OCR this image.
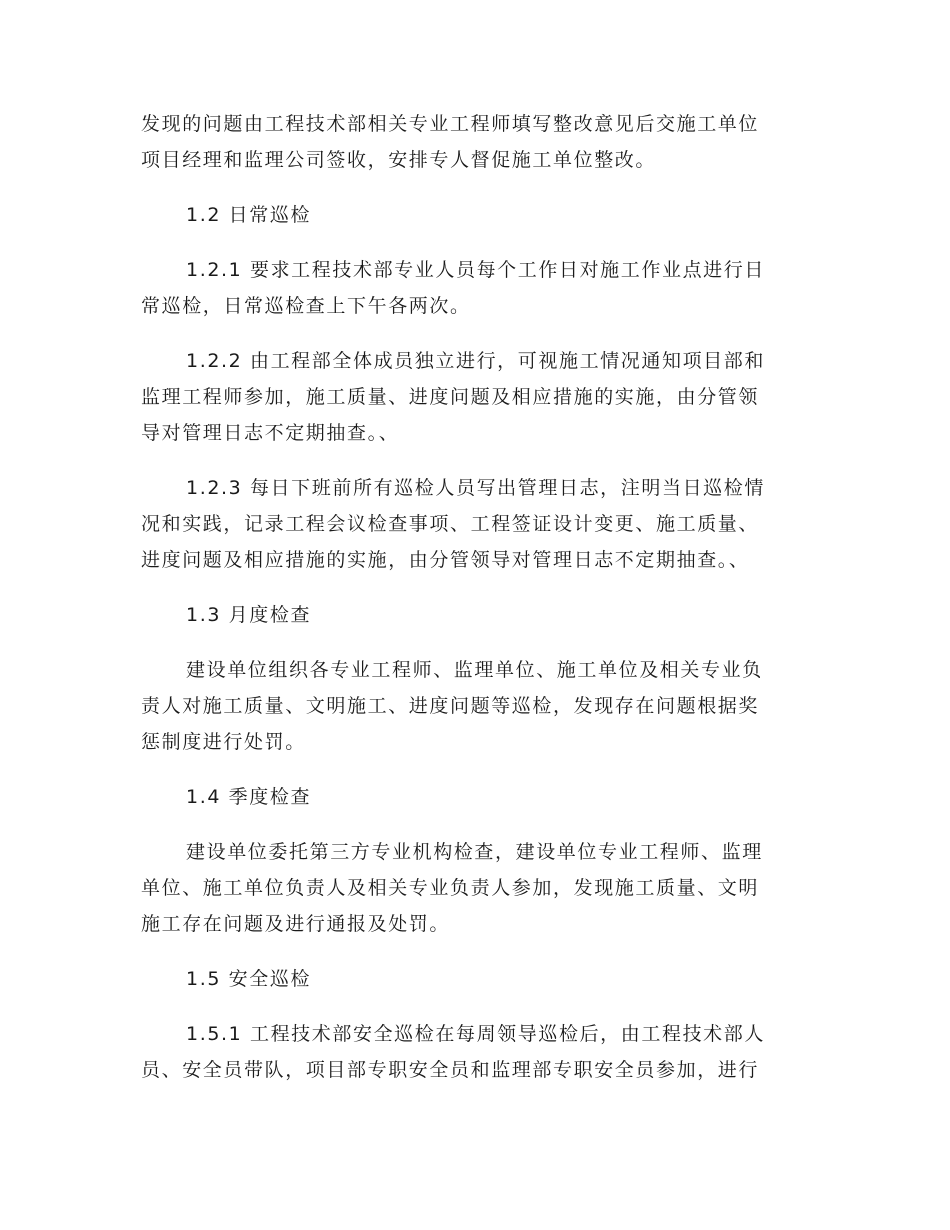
发现的问题由工程技术部相关专业工程师填写整改意见后交施工单位
项目经理和监理公司签收，安排专人督促施工单位整改。
1.2 日常巡检
1.2.1 要求工程技术部专业人员每个工作日对施工作业点进行日
常巡检，日常巡检查上下午各两次。
1.2.2 由工程部全体成员独立进行，可视施工情况通知项目部和
监理工程师参加，施工质量、进度问题及相应措施的实施，由分管领
导对管理日志不定期抽查。、
1.2.3 每日下班前所有巡检人员写出管理日志，注明当日巡检情
况和实践，记录工程会议检查事项、工程签证设计变更、施工质量、
进度问题及相应措施的实施，由分管领导对管理日志不定期抽查。、
1.3 月度检查
建设单位组织各专业工程师、监理单位、施工单位及相关专业负
责人对施工质量、文明施工、进度问题等巡检，发现存在问题根据奖
惩制度进行处罚。
1.4 季度检查
建设单位委托第三方专业机构检查，建设单位专业工程师、监理
单位、施工单位负责人及相关专业负责人参加，发现施工质量、文明
施工存在问题及进行通报及处罚。
1.5 安全巡检
1.5.1 工程技术部安全巡检在每周领导巡检后，由工程技术部人
员、安全员带队，项目部专职安全员和监理部专职安全员参加，进行
